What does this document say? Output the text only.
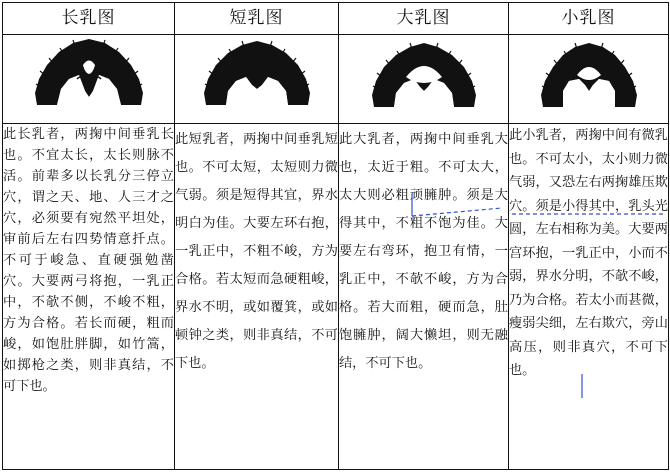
长乳图	短乳图	大乳图	小乳图

此长乳者，两掬中间垂乳长也。不宜太长，太长则脉不活。前辈多以长乳分三停立穴，谓之天、地、人三才之穴，必须要有宛然平坦处，审前后左右四势情意扦点。不可于峻急、直硬强勉凿穴。大要两弓将抱，一乳正中，不欹不侧，不峻不粗，方为合格。若长而硬，粗而峻，如饱肚胖脚，如竹篙，如掷枪之类，则非真结，不可下也。	此短乳者，两掬中间垂乳短也。不可太短，太短则力微气弱。须是短得其宜，界水明白为佳。大要左环右抱，一乳正中，不粗不峻，方为合格。若太短而急硬粗峻，界水不明，或如覆箕，或如顿钟之类，则非真结，不可下也。	此大乳者，两掬中间垂乳大也，太近于粗。不可太大，太大则必粗顽臃肿。须是大得其中，不粗不饱为佳。大要左右弯环，抱卫有情，一乳正中，不欹不峻，方为合格。若大而粗，硬而急，肚饱臃肿，阔大懒坦，则无融结，不可下也。	此小乳者，两掬中间有微乳也。不可太小，太小则力微气弱，又恐左右两掬雄压欺穴。须是小得其中，乳头光圆，左右相称为美。大要两宫环抱，一乳正中，小而不弱，界水分明，不欹不峻，乃为合格。若太小而甚微，瘦弱尖细，左右欺穴，旁山高压，则非真穴，不可下也。
